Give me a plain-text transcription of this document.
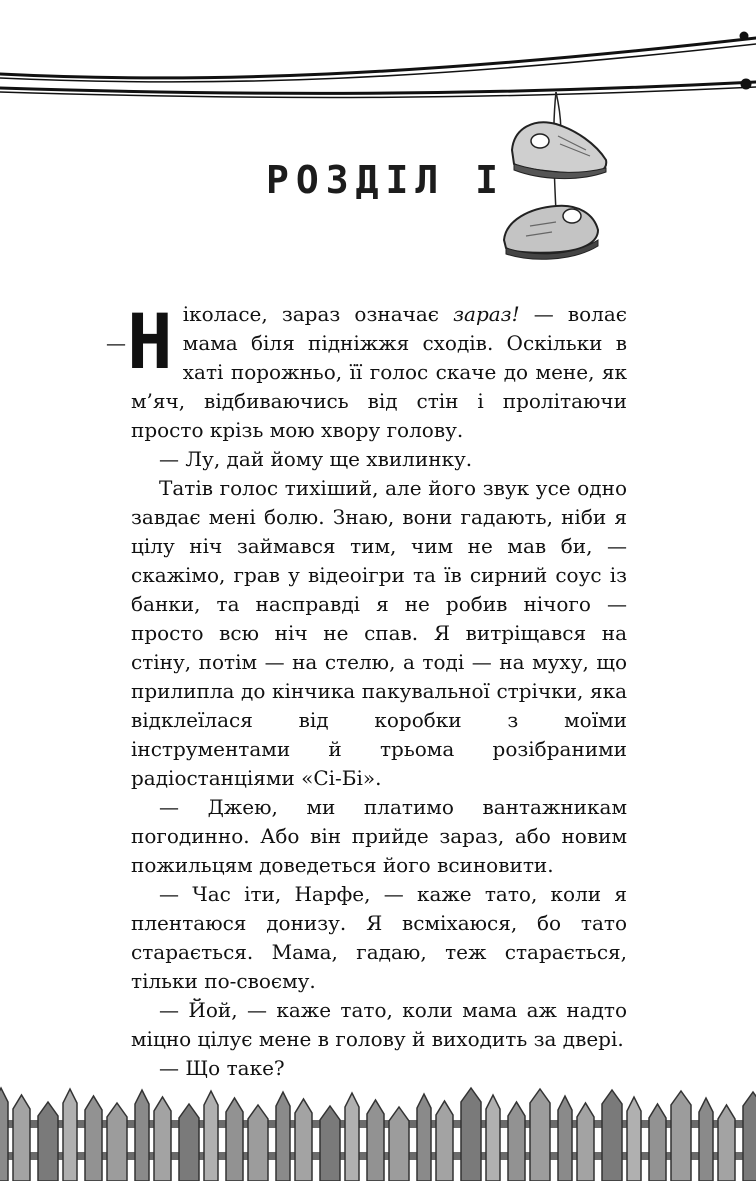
РОЗДІЛ І
— Ніколасе, зараз означає зараз! — волає мама біля підніжжя сходів. Оскільки в хаті порожньо, її голос скаче до мене, як м’яч, відбиваючись від стін і пролітаючи просто крізь мою хвору голову.

— Лу, дай йому ще хвилинку.

Татів голос тихіший, але його звук усе одно завдає мені болю. Знаю, вони гадають, ніби я цілу ніч займався тим, чим не мав би, — скажімо, грав у відеоігри та їв сирний соус із банки, та насправді я не робив нічого — просто всю ніч не спав. Я витріщався на стіну, потім — на стелю, а тоді — на муху, що прилипла до кінчика пакувальної стрічки, яка відклеїлася від коробки з моїми інструментами й трьома розібраними радіостанціями «Сі-Бі».

— Джею, ми платимо вантажникам погодинно. Або він прийде зараз, або новим пожильцям доведеться його всиновити.

— Час іти, Нарфе, — каже тато, коли я плентаюся донизу. Я всміхаюся, бо тато старається. Мама, гадаю, теж старається, тільки по-своєму.

— Йой, — каже тато, коли мама аж надто міцно цілує мене в голову й виходить за двері.

— Що таке?
